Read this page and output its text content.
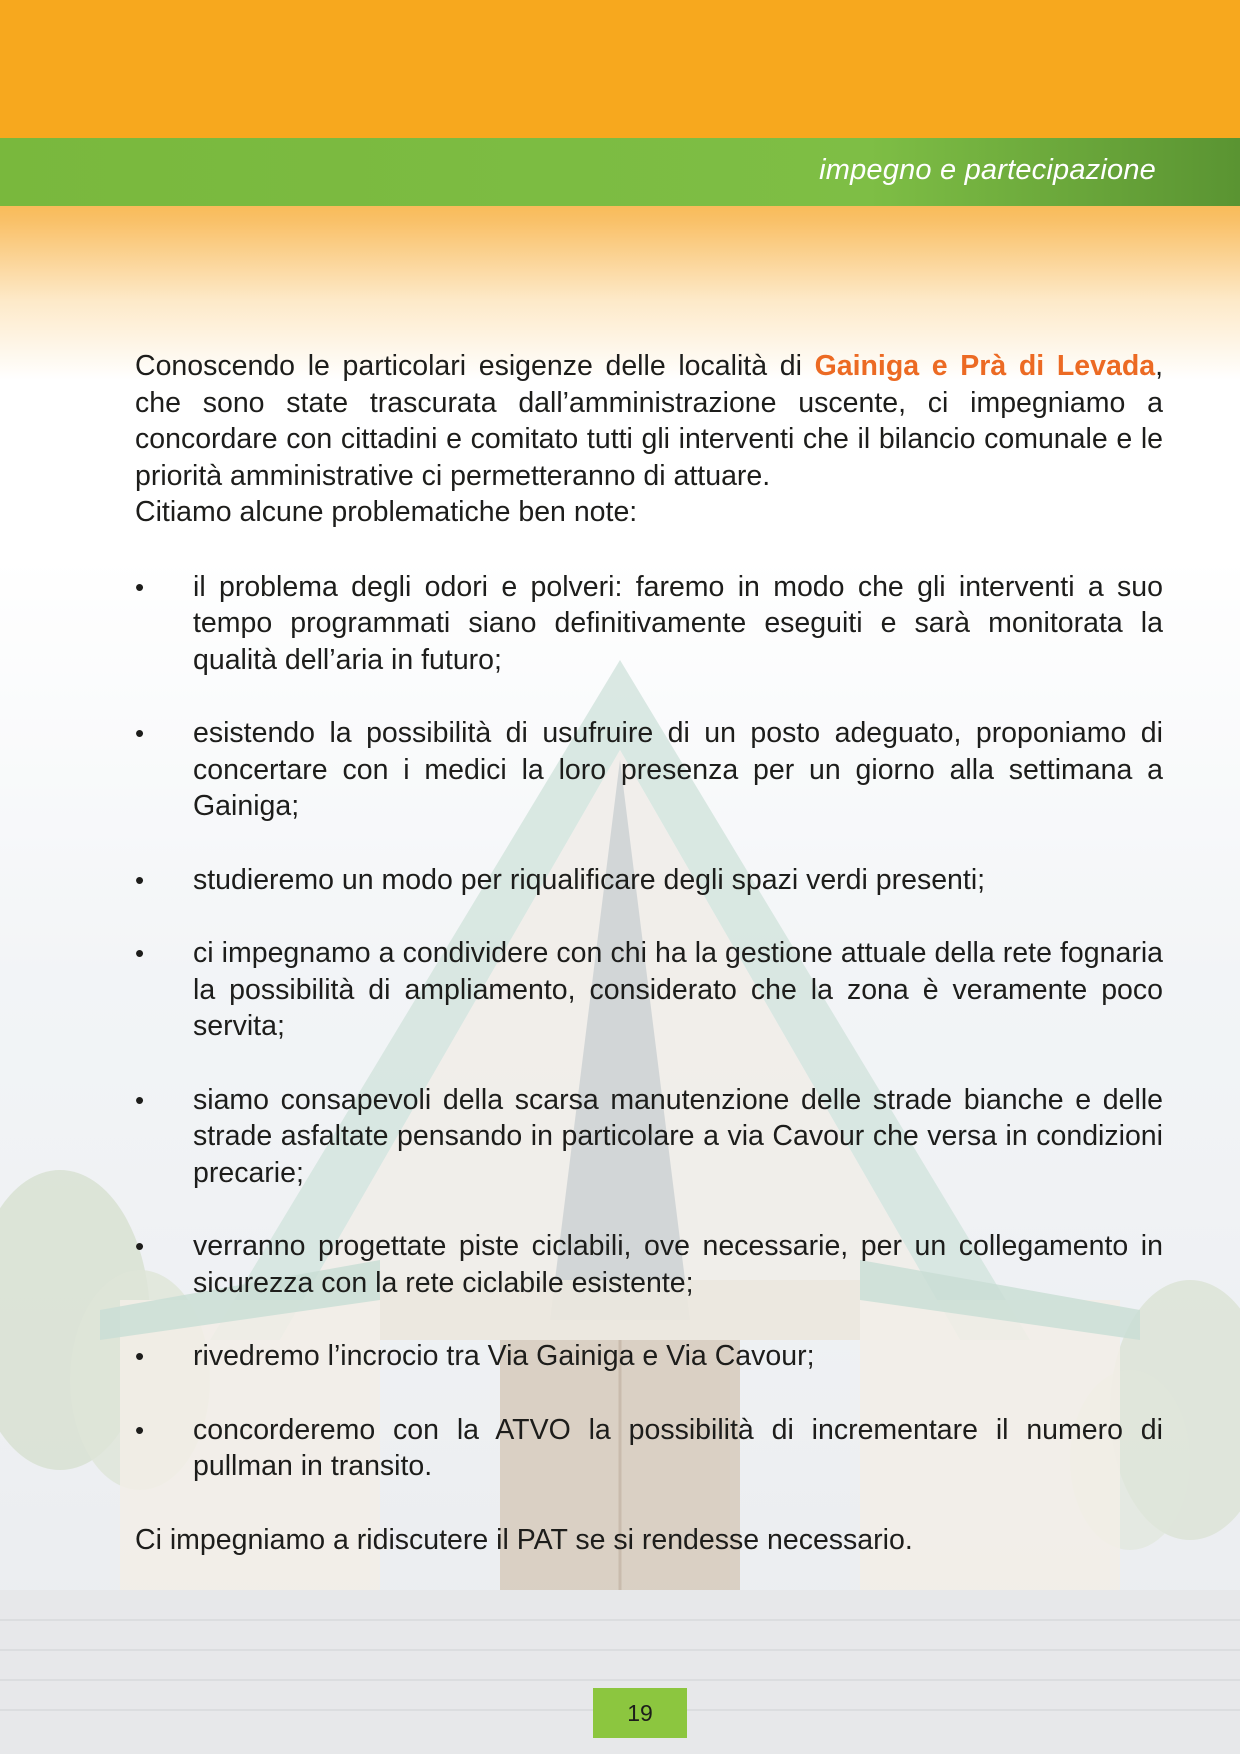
impegno e partecipazione

Conoscendo le particolari esigenze delle località di Gainiga e Prà di Levada, che sono state trascurata dall’amministrazione uscente, ci impegniamo a concordare con cittadini e comitato tutti gli interventi che il bilancio comunale e le priorità amministrative ci permetteranno di attuare.

Citiamo alcune problematiche ben note:

• il problema degli odori e polveri: faremo in modo che gli interventi a suo tempo programmati siano definitivamente eseguiti e sarà monitorata la qualità dell’aria in futuro;
• esistendo la possibilità di usufruire di un posto adeguato, proponiamo di concertare con i medici la loro presenza per un giorno alla settimana a Gainiga;
• studieremo un modo per riqualificare degli spazi verdi presenti;
• ci impegnamo a condividere con chi ha la gestione attuale della rete fognaria la possibilità di ampliamento, considerato che la zona è veramente poco servita;
• siamo consapevoli della scarsa manutenzione delle strade bianche e delle strade asfaltate pensando in particolare a via Cavour che versa in condizioni precarie;
• verranno progettate piste ciclabili, ove necessarie, per un collegamento in sicurezza con la rete ciclabile esistente;
• rivedremo l’incrocio tra Via Gainiga e Via Cavour;
• concorderemo con la ATVO la possibilità di incrementare il numero di pullman in transito.

Ci impegniamo a ridiscutere il PAT se si rendesse necessario.

19
